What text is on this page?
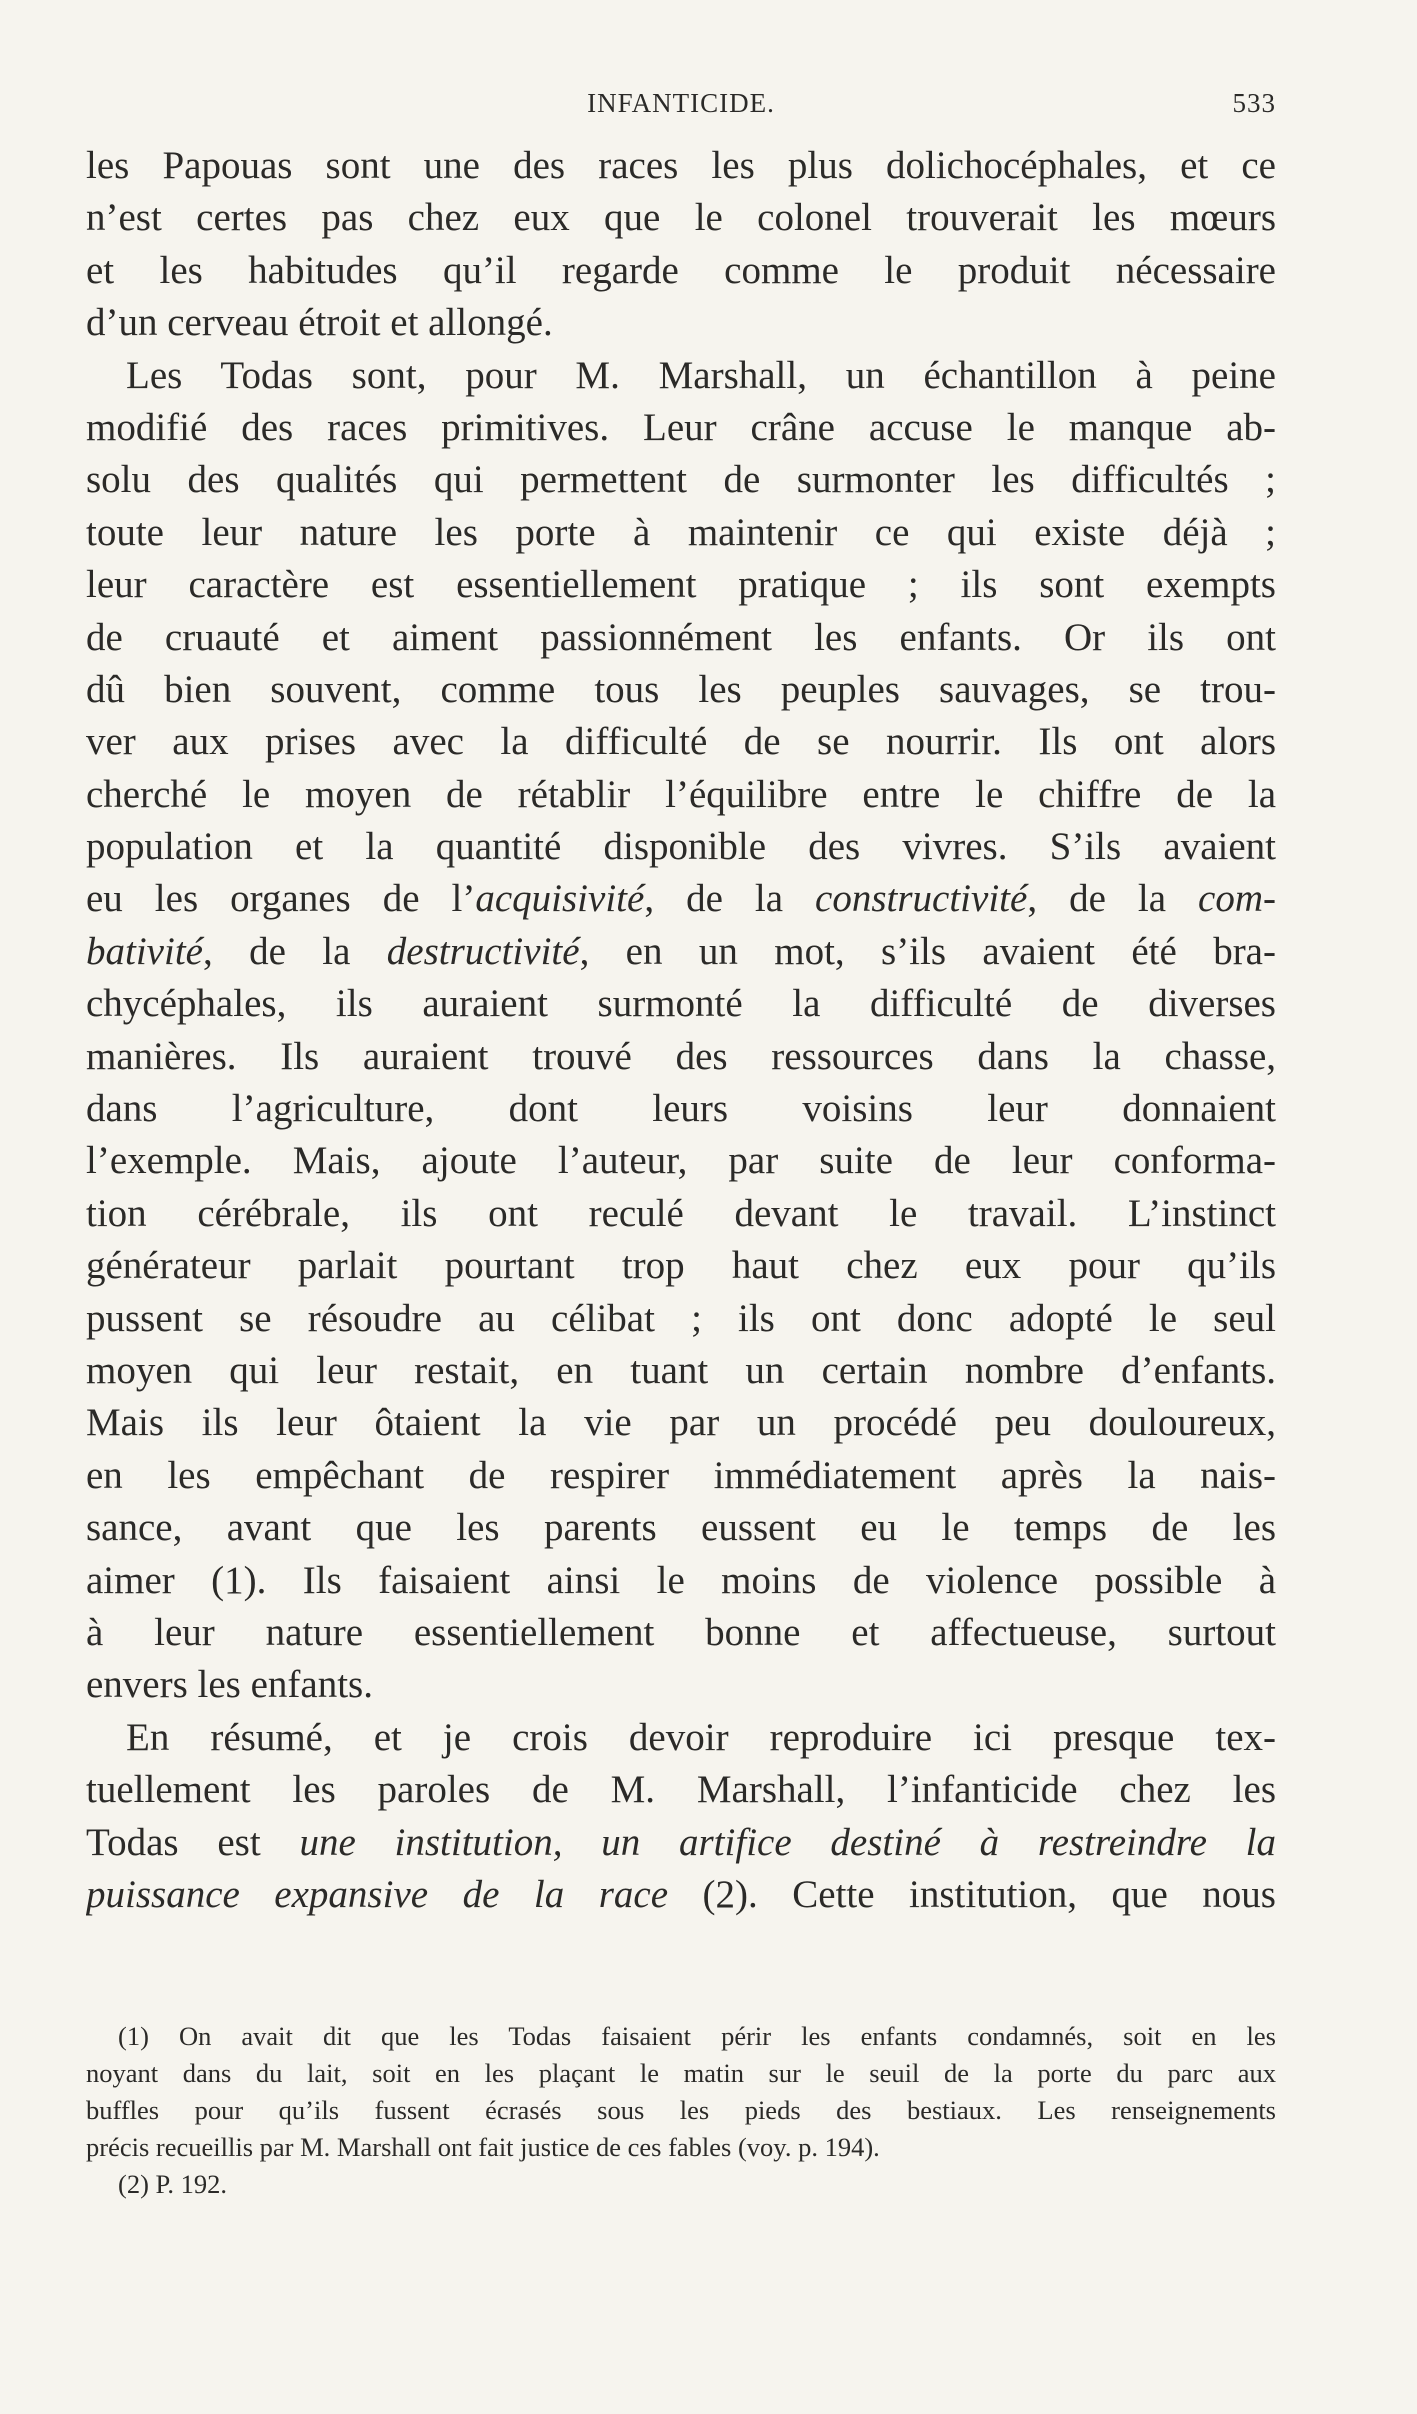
INFANTICIDE.	533
les Papouas sont une des races les plus dolichocéphales, et ce
n’est certes pas chez eux que le colonel trouverait les mœurs
et les habitudes qu’il regarde comme le produit nécessaire
d’un cerveau étroit et allongé.
Les Todas sont, pour M. Marshall, un échantillon à peine
modifié des races primitives. Leur crâne accuse le manque ab-
solu des qualités qui permettent de surmonter les difficultés ;
toute leur nature les porte à maintenir ce qui existe déjà ;
leur caractère est essentiellement pratique ; ils sont exempts
de cruauté et aiment passionnément les enfants. Or ils ont
dû bien souvent, comme tous les peuples sauvages, se trou-
ver aux prises avec la difficulté de se nourrir. Ils ont alors
cherché le moyen de rétablir l’équilibre entre le chiffre de la
population et la quantité disponible des vivres. S’ils avaient
eu les organes de l’acquisivité, de la constructivité, de la com-
bativité, de la destructivité, en un mot, s’ils avaient été bra-
chycéphales, ils auraient surmonté la difficulté de diverses
manières. Ils auraient trouvé des ressources dans la chasse,
dans l’agriculture, dont leurs voisins leur donnaient
l’exemple. Mais, ajoute l’auteur, par suite de leur conforma-
tion cérébrale, ils ont reculé devant le travail. L’instinct
générateur parlait pourtant trop haut chez eux pour qu’ils
pussent se résoudre au célibat ; ils ont donc adopté le seul
moyen qui leur restait, en tuant un certain nombre d’enfants.
Mais ils leur ôtaient la vie par un procédé peu douloureux,
en les empêchant de respirer immédiatement après la nais-
sance, avant que les parents eussent eu le temps de les
aimer (1). Ils faisaient ainsi le moins de violence possible à
à leur nature essentiellement bonne et affectueuse, surtout
envers les enfants.
En résumé, et je crois devoir reproduire ici presque tex-
tuellement les paroles de M. Marshall, l’infanticide chez les
Todas est une institution, un artifice destiné à restreindre la
puissance expansive de la race (2). Cette institution, que nous
(1) On avait dit que les Todas faisaient périr les enfants condamnés, soit en les
noyant dans du lait, soit en les plaçant le matin sur le seuil de la porte du parc aux
buffles pour qu’ils fussent écrasés sous les pieds des bestiaux. Les renseignements
précis recueillis par M. Marshall ont fait justice de ces fables (voy. p. 194).
(2) P. 192.
